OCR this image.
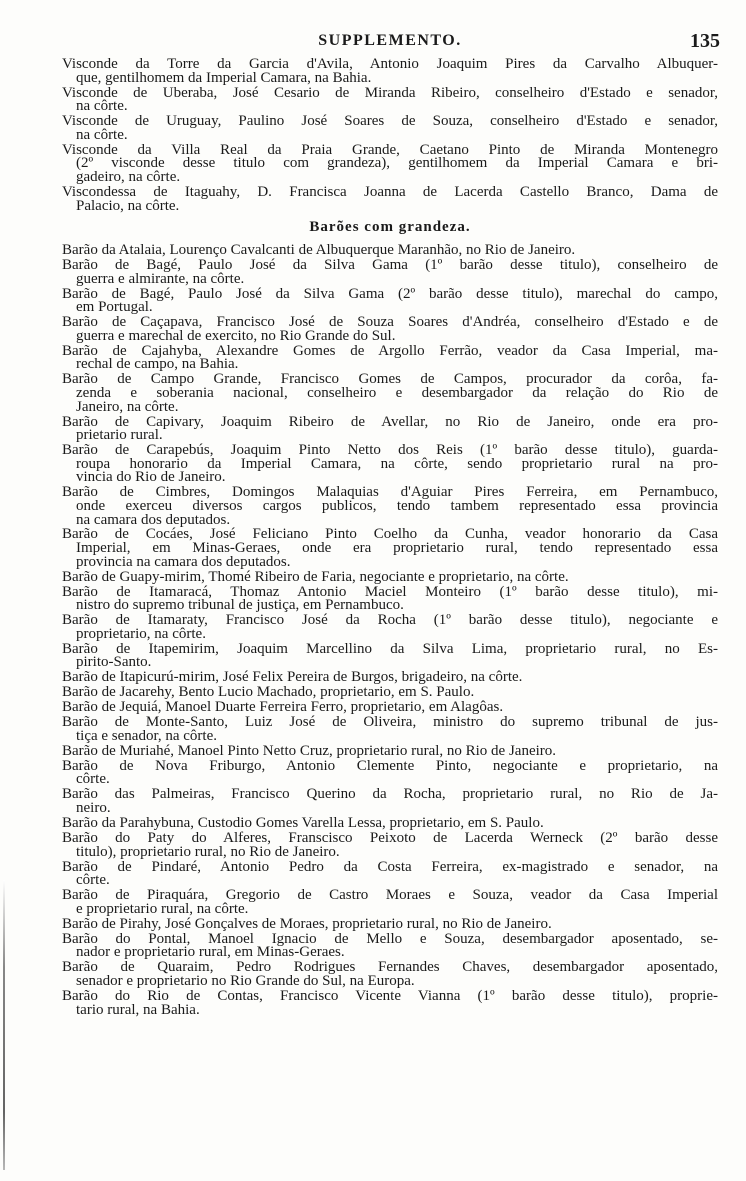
SUPPLEMENTO.	135
Visconde da Torre da Garcia d'Avila, Antonio Joaquim Pires da Carvalho Albuquer-
que, gentilhomem da Imperial Camara, na Bahia.
Visconde de Uberaba, José Cesario de Miranda Ribeiro, conselheiro d'Estado e senador,
na côrte.
Visconde de Uruguay, Paulino José Soares de Souza, conselheiro d'Estado e senador,
na côrte.
Visconde da Villa Real da Praia Grande, Caetano Pinto de Miranda Montenegro
(2º visconde desse titulo com grandeza), gentilhomem da Imperial Camara e bri-
gadeiro, na côrte.
Viscondessa de Itaguahy, D. Francisca Joanna de Lacerda Castello Branco, Dama de
Palacio, na côrte.
Barões com grandeza.
Barão da Atalaia, Lourenço Cavalcanti de Albuquerque Maranhão, no Rio de Janeiro.
Barão de Bagé, Paulo José da Silva Gama (1º barão desse titulo), conselheiro de
guerra e almirante, na côrte.
Barão de Bagé, Paulo José da Silva Gama (2º barão desse titulo), marechal do campo,
em Portugal.
Barão de Caçapava, Francisco José de Souza Soares d'Andréa, conselheiro d'Estado e de
guerra e marechal de exercito, no Rio Grande do Sul.
Barão de Cajahyba, Alexandre Gomes de Argollo Ferrão, veador da Casa Imperial, ma-
rechal de campo, na Bahia.
Barão de Campo Grande, Francisco Gomes de Campos, procurador da corôa, fa-
zenda e soberania nacional, conselheiro e desembargador da relação do Rio de
Janeiro, na côrte.
Barão de Capivary, Joaquim Ribeiro de Avellar, no Rio de Janeiro, onde era pro-
prietario rural.
Barão de Carapebús, Joaquim Pinto Netto dos Reis (1º barão desse titulo), guarda-
roupa honorario da Imperial Camara, na côrte, sendo proprietario rural na pro-
vincia do Rio de Janeiro.
Barão de Cimbres, Domingos Malaquias d'Aguiar Pires Ferreira, em Pernambuco,
onde exerceu diversos cargos publicos, tendo tambem representado essa provincia
na camara dos deputados.
Barão de Cocáes, José Feliciano Pinto Coelho da Cunha, veador honorario da Casa
Imperial, em Minas-Geraes, onde era proprietario rural, tendo representado essa
provincia na camara dos deputados.
Barão de Guapy-mirim, Thomé Ribeiro de Faria, negociante e proprietario, na côrte.
Barão de Itamaracá, Thomaz Antonio Maciel Monteiro (1º barão desse titulo), mi-
nistro do supremo tribunal de justiça, em Pernambuco.
Barão de Itamaraty, Francisco José da Rocha (1º barão desse titulo), negociante e
proprietario, na côrte.
Barão de Itapemirim, Joaquim Marcellino da Silva Lima, proprietario rural, no Es-
pirito-Santo.
Barão de Itapicurú-mirim, José Felix Pereira de Burgos, brigadeiro, na côrte.
Barão de Jacarehy, Bento Lucio Machado, proprietario, em S. Paulo.
Barão de Jequiá, Manoel Duarte Ferreira Ferro, proprietario, em Alagôas.
Barão de Monte-Santo, Luiz José de Oliveira, ministro do supremo tribunal de jus-
tiça e senador, na côrte.
Barão de Muriahé, Manoel Pinto Netto Cruz, proprietario rural, no Rio de Janeiro.
Barão de Nova Friburgo, Antonio Clemente Pinto, negociante e proprietario, na
côrte.
Barão das Palmeiras, Francisco Querino da Rocha, proprietario rural, no Rio de Ja-
neiro.
Barão da Parahybuna, Custodio Gomes Varella Lessa, proprietario, em S. Paulo.
Barão do Paty do Alferes, Franscisco Peixoto de Lacerda Werneck (2º barão desse
titulo), proprietario rural, no Rio de Janeiro.
Barão de Pindaré, Antonio Pedro da Costa Ferreira, ex-magistrado e senador, na
côrte.
Barão de Piraquára, Gregorio de Castro Moraes e Souza, veador da Casa Imperial
e proprietario rural, na côrte.
Barão de Pirahy, José Gonçalves de Moraes, proprietario rural, no Rio de Janeiro.
Barão do Pontal, Manoel Ignacio de Mello e Souza, desembargador aposentado, se-
nador e proprietario rural, em Minas-Geraes.
Barão de Quaraim, Pedro Rodrigues Fernandes Chaves, desembargador aposentado,
senador e proprietario no Rio Grande do Sul, na Europa.
Barão do Rio de Contas, Francisco Vicente Vianna (1º barão desse titulo), proprie-
tario rural, na Bahia.
